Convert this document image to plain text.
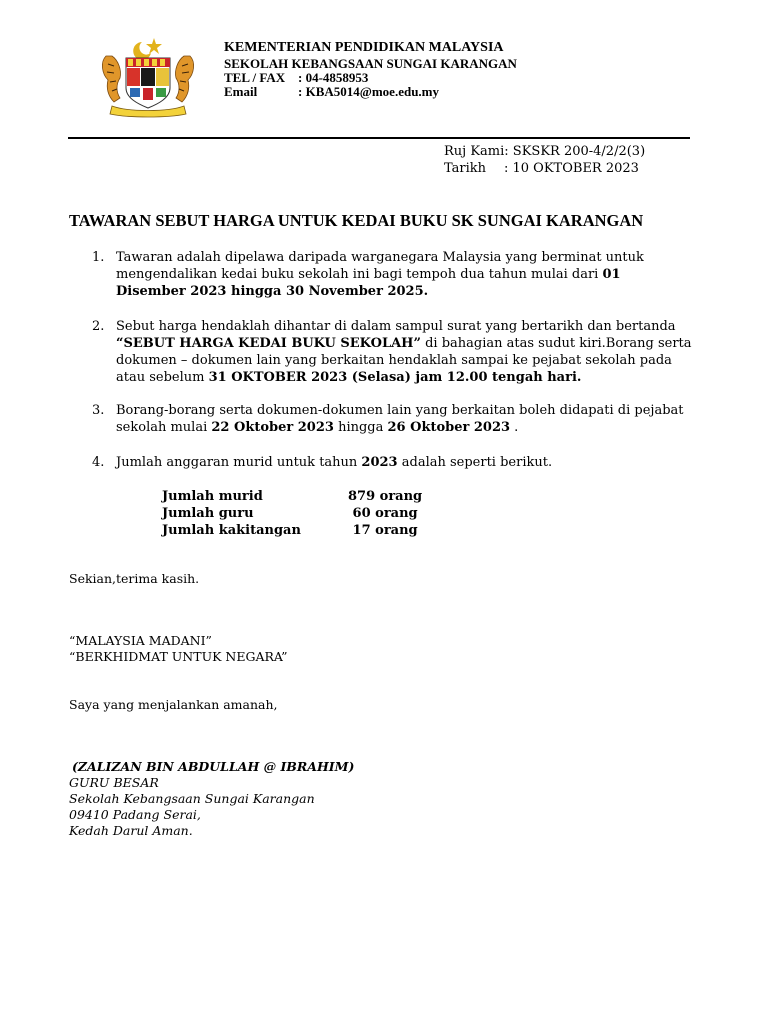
KEMENTERIAN PENDIDIKAN MALAYSIA
SEKOLAH KEBANGSAAN SUNGAI KARANGAN
TEL / FAX : 04-4858953
Email	: KBA5014@moe.edu.my
Ruj Kami: SKSKR 200-4/2/2(3)
Tarikh : 10 OKTOBER 2023
TAWARAN SEBUT HARGA UNTUK KEDAI BUKU SK SUNGAI KARANGAN
1. Tawaran adalah dipelawa daripada warganegara Malaysia yang berminat untuk mengendalikan kedai buku sekolah ini bagi tempoh dua tahun mulai dari 01 Disember 2023 hingga 30 November 2025.
2. Sebut harga hendaklah dihantar di dalam sampul surat yang bertarikh dan bertanda “SEBUT HARGA KEDAI BUKU SEKOLAH” di bahagian atas sudut kiri.Borang serta dokumen – dokumen lain yang berkaitan hendaklah sampai ke pejabat sekolah pada atau sebelum 31 OKTOBER 2023 (Selasa) jam 12.00 tengah hari.
3. Borang-borang serta dokumen-dokumen lain yang berkaitan boleh didapati di pejabat sekolah mulai 22 Oktober 2023 hingga 26 Oktober 2023 .
4. Jumlah anggaran murid untuk tahun 2023 adalah seperti berikut.
Jumlah murid	879 orang
Jumlah guru	60 orang
Jumlah kakitangan	17 orang
Sekian,terima kasih.
“MALAYSIA MADANI”
“BERKHIDMAT UNTUK NEGARA”
Saya yang menjalankan amanah,
(ZALIZAN BIN ABDULLAH @ IBRAHIM)
GURU BESAR
Sekolah Kebangsaan Sungai Karangan
09410 Padang Serai,
Kedah Darul Aman.
